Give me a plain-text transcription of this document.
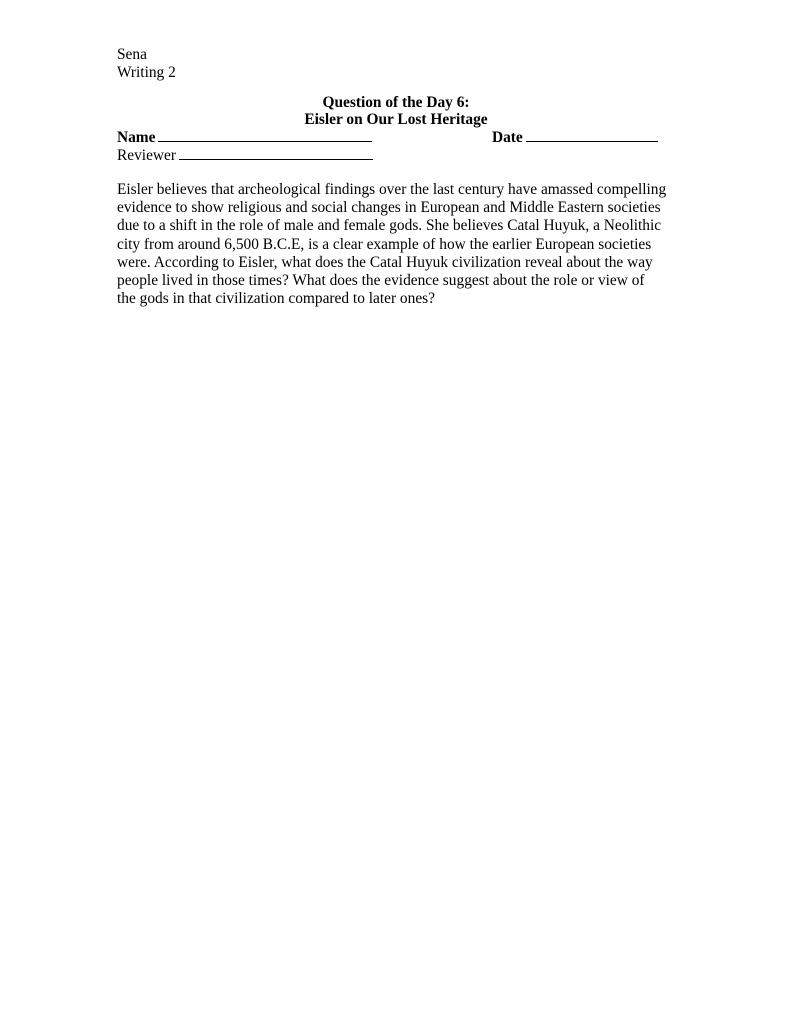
Sena
Writing 2
Question of the Day 6:
Eisler on Our Lost Heritage
Name	Date
Reviewer
Eisler believes that archeological findings over the last century have amassed compelling
evidence to show religious and social changes in European and Middle Eastern societies
due to a shift in the role of male and female gods. She believes Catal Huyuk, a Neolithic
city from around 6,500 B.C.E, is a clear example of how the earlier European societies
were. According to Eisler, what does the Catal Huyuk civilization reveal about the way
people lived in those times? What does the evidence suggest about the role or view of
the gods in that civilization compared to later ones?
